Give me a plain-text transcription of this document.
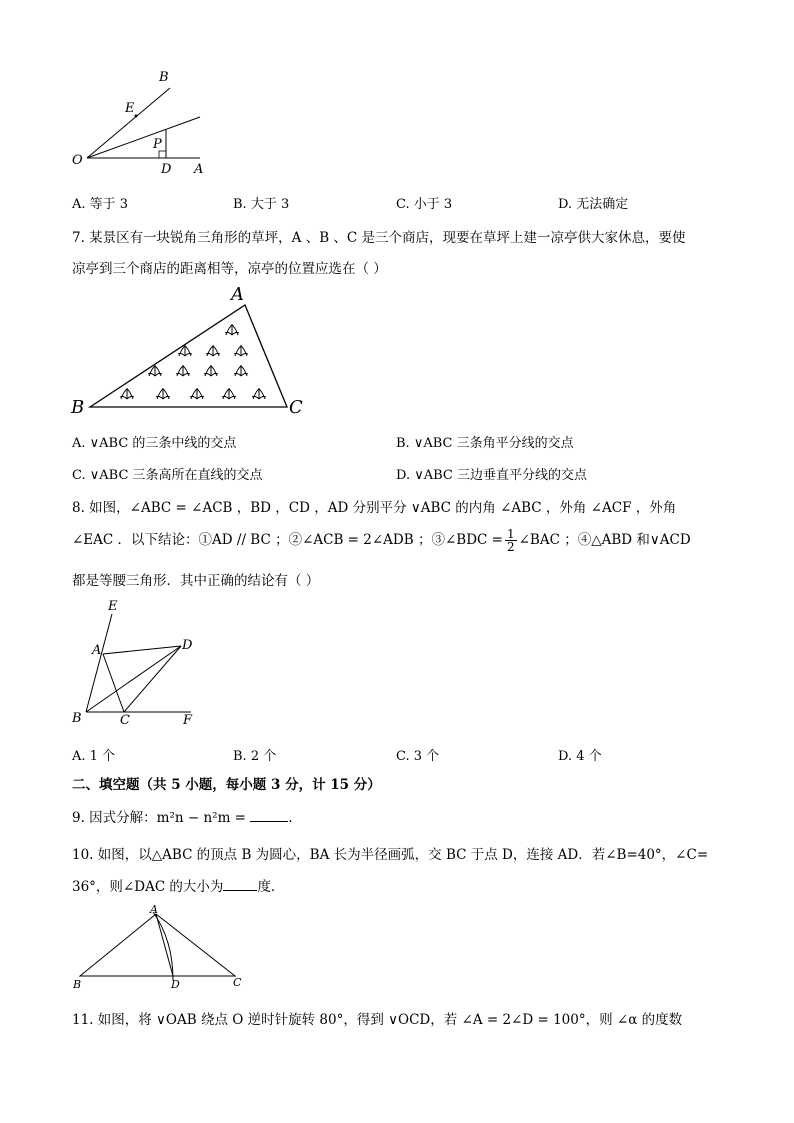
B
E
P
O
D A
A. 等于 3	B. 大于 3	C. 小于 3	D. 无法确定
7. 某景区有一块锐角三角形的草坪，A 、B 、C 是三个商店，现要在草坪上建一凉亭供大家休息，要使
凉亭到三个商店的距离相等，凉亭的位置应选在（ ）
A
B	C
A. ∨ABC 的三条中线的交点	B. ∨ABC 三条角平分线的交点
C. ∨ABC 三条高所在直线的交点	D. ∨ABC 三边垂直平分线的交点
8. 如图，∠ABC = ∠ACB ，BD ，CD ，AD 分别平分 ∨ABC 的内角 ∠ABC ，外角 ∠ACF ，外角
∠EAC ．以下结论：①AD // BC ；②∠ACB = 2∠ADB ；③∠BDC = $\frac{1}{2}$ ∠BAC ；④△ABD 和∨ACD
都是等腰三角形．其中正确的结论有（ ）
E
A	D
B	C	F
A. 1 个	B. 2 个	C. 3 个	D. 4 个
二、填空题（共 5 小题，每小题 3 分，计 15 分）
9. 因式分解：m²n − n²m =	.
10. 如图，以△ABC 的顶点 B 为圆心，BA 长为半径画弧，交 BC 于点 D，连接 AD．若∠B=40°，∠C=
36°，则∠DAC 的大小为	度．
A
B	D	C
11. 如图，将 ∨OAB 绕点 O 逆时针旋转 80°，得到 ∨OCD，若 ∠A = 2∠D = 100°，则 ∠α 的度数
